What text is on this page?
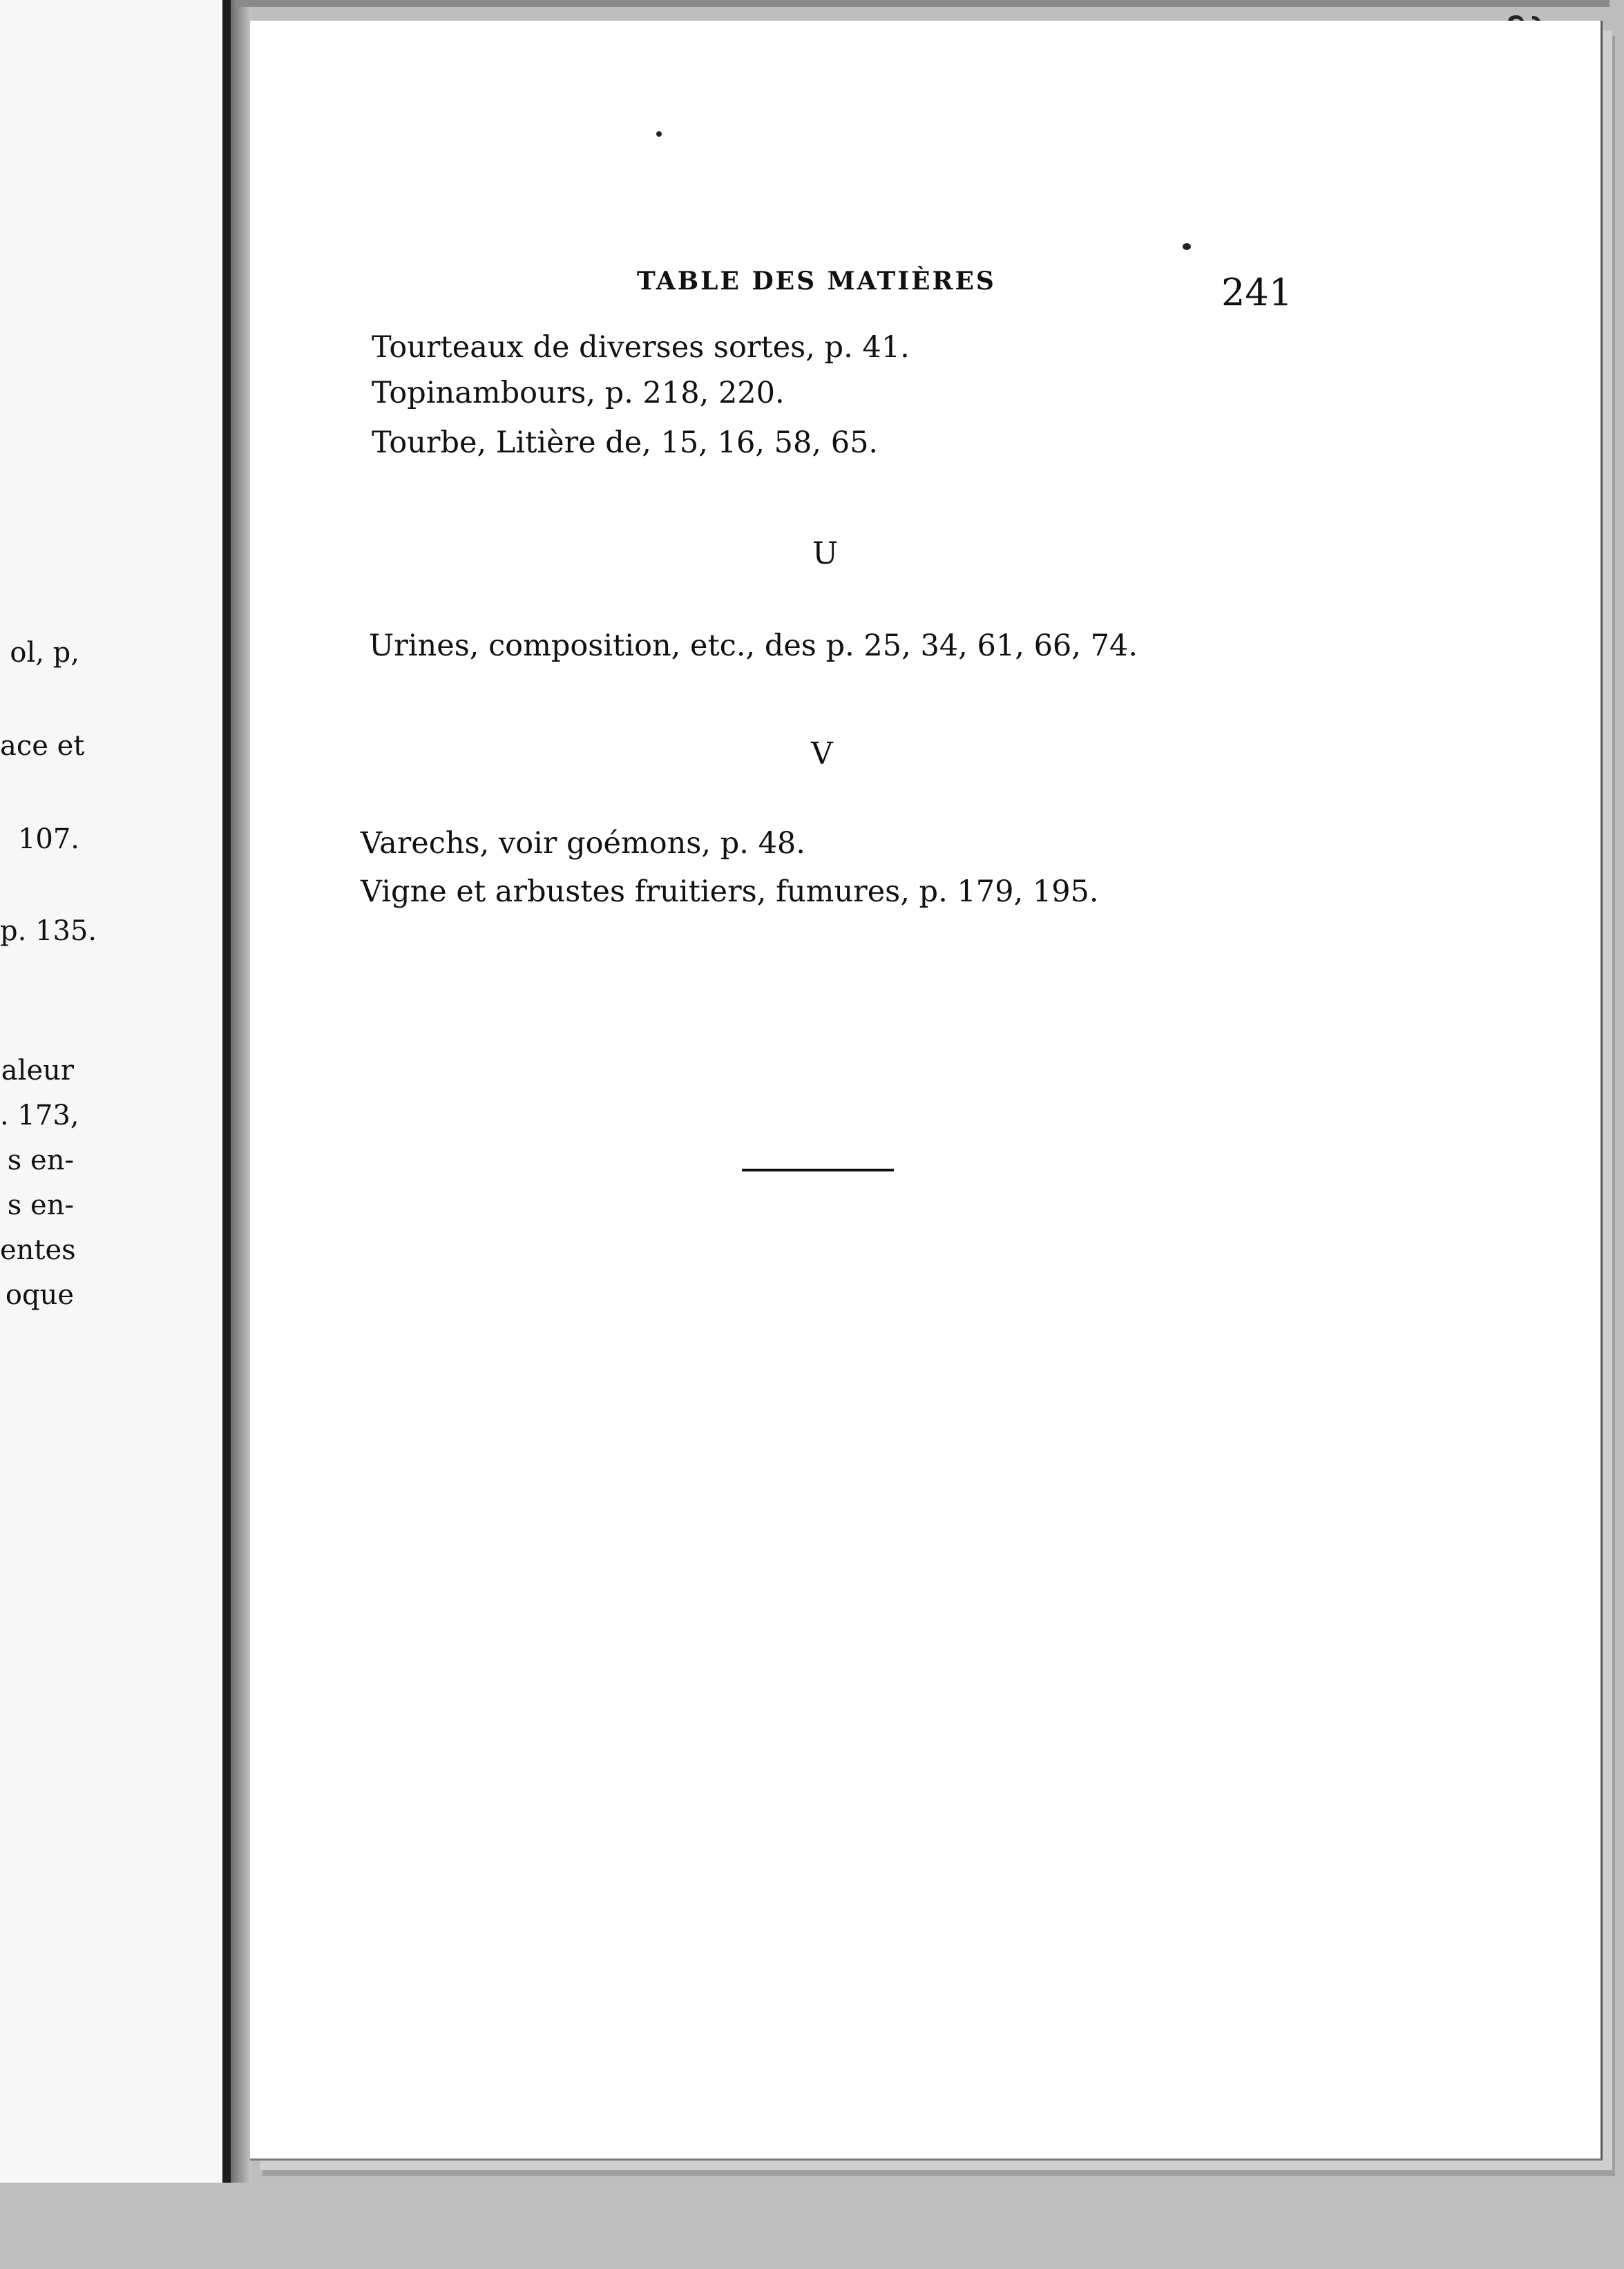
ol, p,
ace et
107.
p. 135.
aleur
. 173,
s en-
s en-
entes
oque
TABLE DES MATIÈRES	241
Tourteaux de diverses sortes, p. 41.
Topinambours, p. 218, 220.
Tourbe, Litière de, 15, 16, 58, 65.
U
Urines, composition, etc., des p. 25, 34, 61, 66, 74.
V
Varechs, voir goémons, p. 48.
Vigne et arbustes fruitiers, fumures, p. 179, 195.
